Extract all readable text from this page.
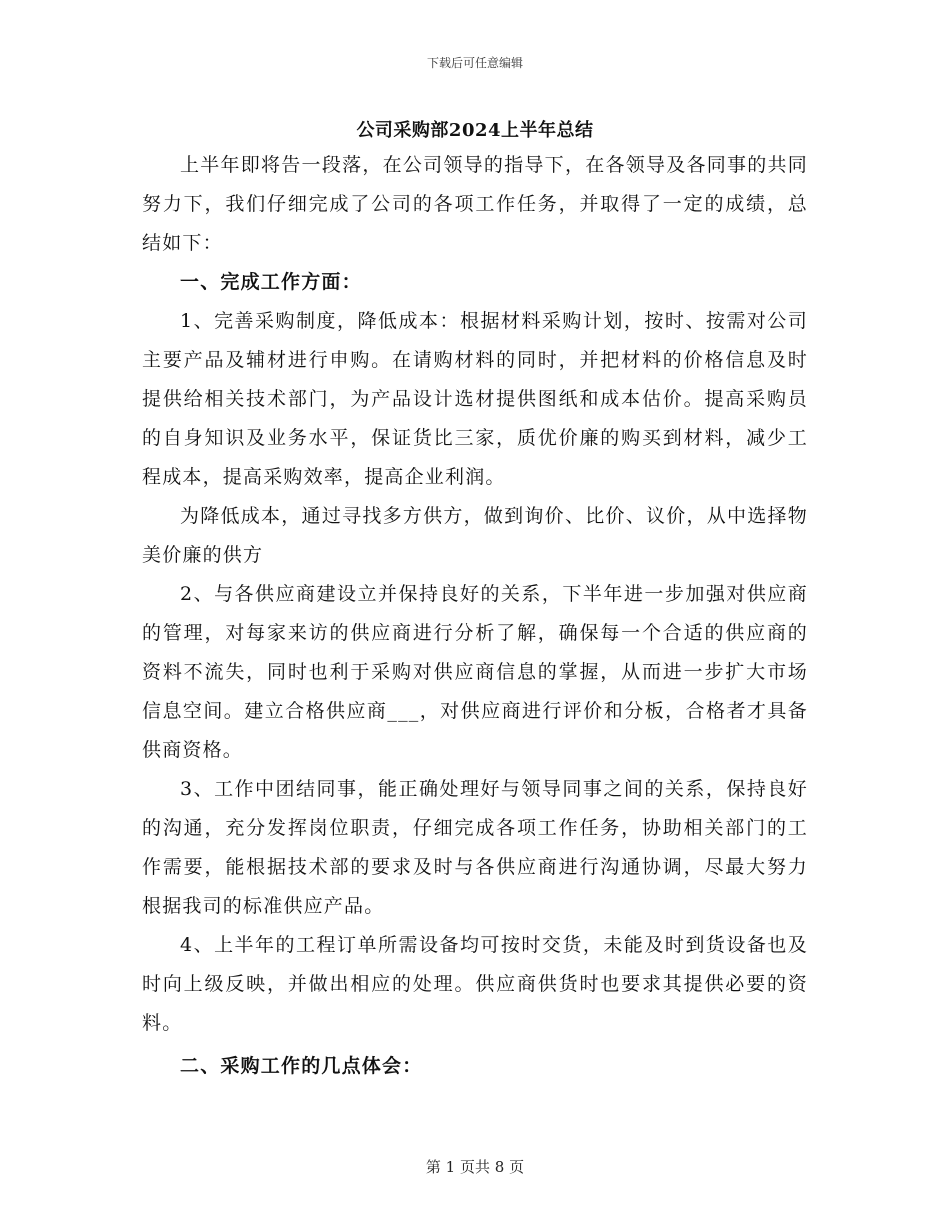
下载后可任意编辑
公司采购部2024上半年总结

上半年即将告一段落，在公司领导的指导下，在各领导及各同事的共同努力下，我们仔细完成了公司的各项工作任务，并取得了一定的成绩，总结如下：

一、完成工作方面：

1、完善采购制度，降低成本：根据材料采购计划，按时、按需对公司主要产品及辅材进行申购。在请购材料的同时，并把材料的价格信息及时提供给相关技术部门，为产品设计选材提供图纸和成本估价。提高采购员的自身知识及业务水平，保证货比三家，质优价廉的购买到材料，减少工程成本，提高采购效率，提高企业利润。

为降低成本，通过寻找多方供方，做到询价、比价、议价，从中选择物美价廉的供方

2、与各供应商建设立并保持良好的关系，下半年进一步加强对供应商的管理，对每家来访的供应商进行分析了解，确保每一个合适的供应商的资料不流失，同时也利于采购对供应商信息的掌握，从而进一步扩大市场信息空间。建立合格供应商___，对供应商进行评价和分板，合格者才具备供商资格。

3、工作中团结同事，能正确处理好与领导同事之间的关系，保持良好的沟通，充分发挥岗位职责，仔细完成各项工作任务，协助相关部门的工作需要，能根据技术部的要求及时与各供应商进行沟通协调，尽最大努力根据我司的标准供应产品。

4、上半年的工程订单所需设备均可按时交货，未能及时到货设备也及时向上级反映，并做出相应的处理。供应商供货时也要求其提供必要的资料。

二、采购工作的几点体会：

第 1 页共 8 页
